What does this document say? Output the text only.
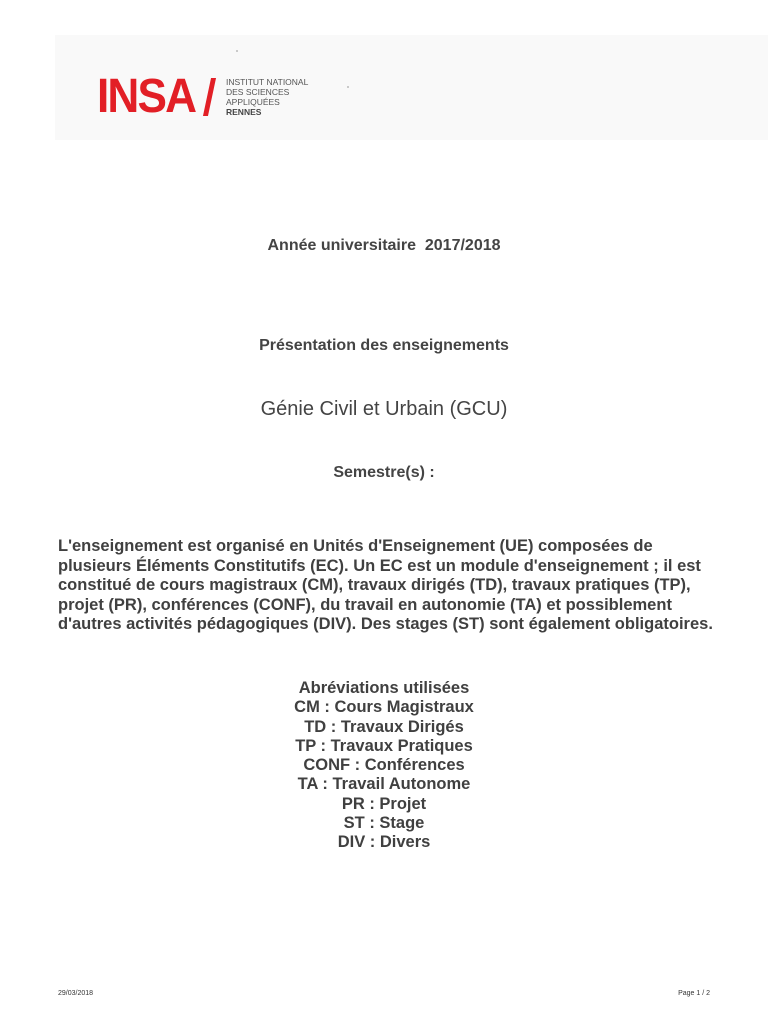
INSA	INSTITUT NATIONAL
DES SCIENCES
APPLIQUÉES
RENNES
Année universitaire  2017/2018
Présentation des enseignements
Génie Civil et Urbain (GCU)
Semestre(s) :
L'enseignement est organisé en Unités d'Enseignement (UE) composées de plusieurs Éléments Constitutifs (EC). Un EC est un module d'enseignement ; il est constitué de cours magistraux (CM), travaux dirigés (TD), travaux pratiques (TP), projet (PR), conférences (CONF), du travail en autonomie (TA) et possiblement d'autres activités pédagogiques (DIV). Des stages (ST) sont également obligatoires.
Abréviations utilisées
CM : Cours Magistraux
TD : Travaux Dirigés
TP : Travaux Pratiques
CONF : Conférences
TA : Travail Autonome
PR : Projet
ST : Stage
DIV : Divers
29/03/2018	Page 1 / 2
